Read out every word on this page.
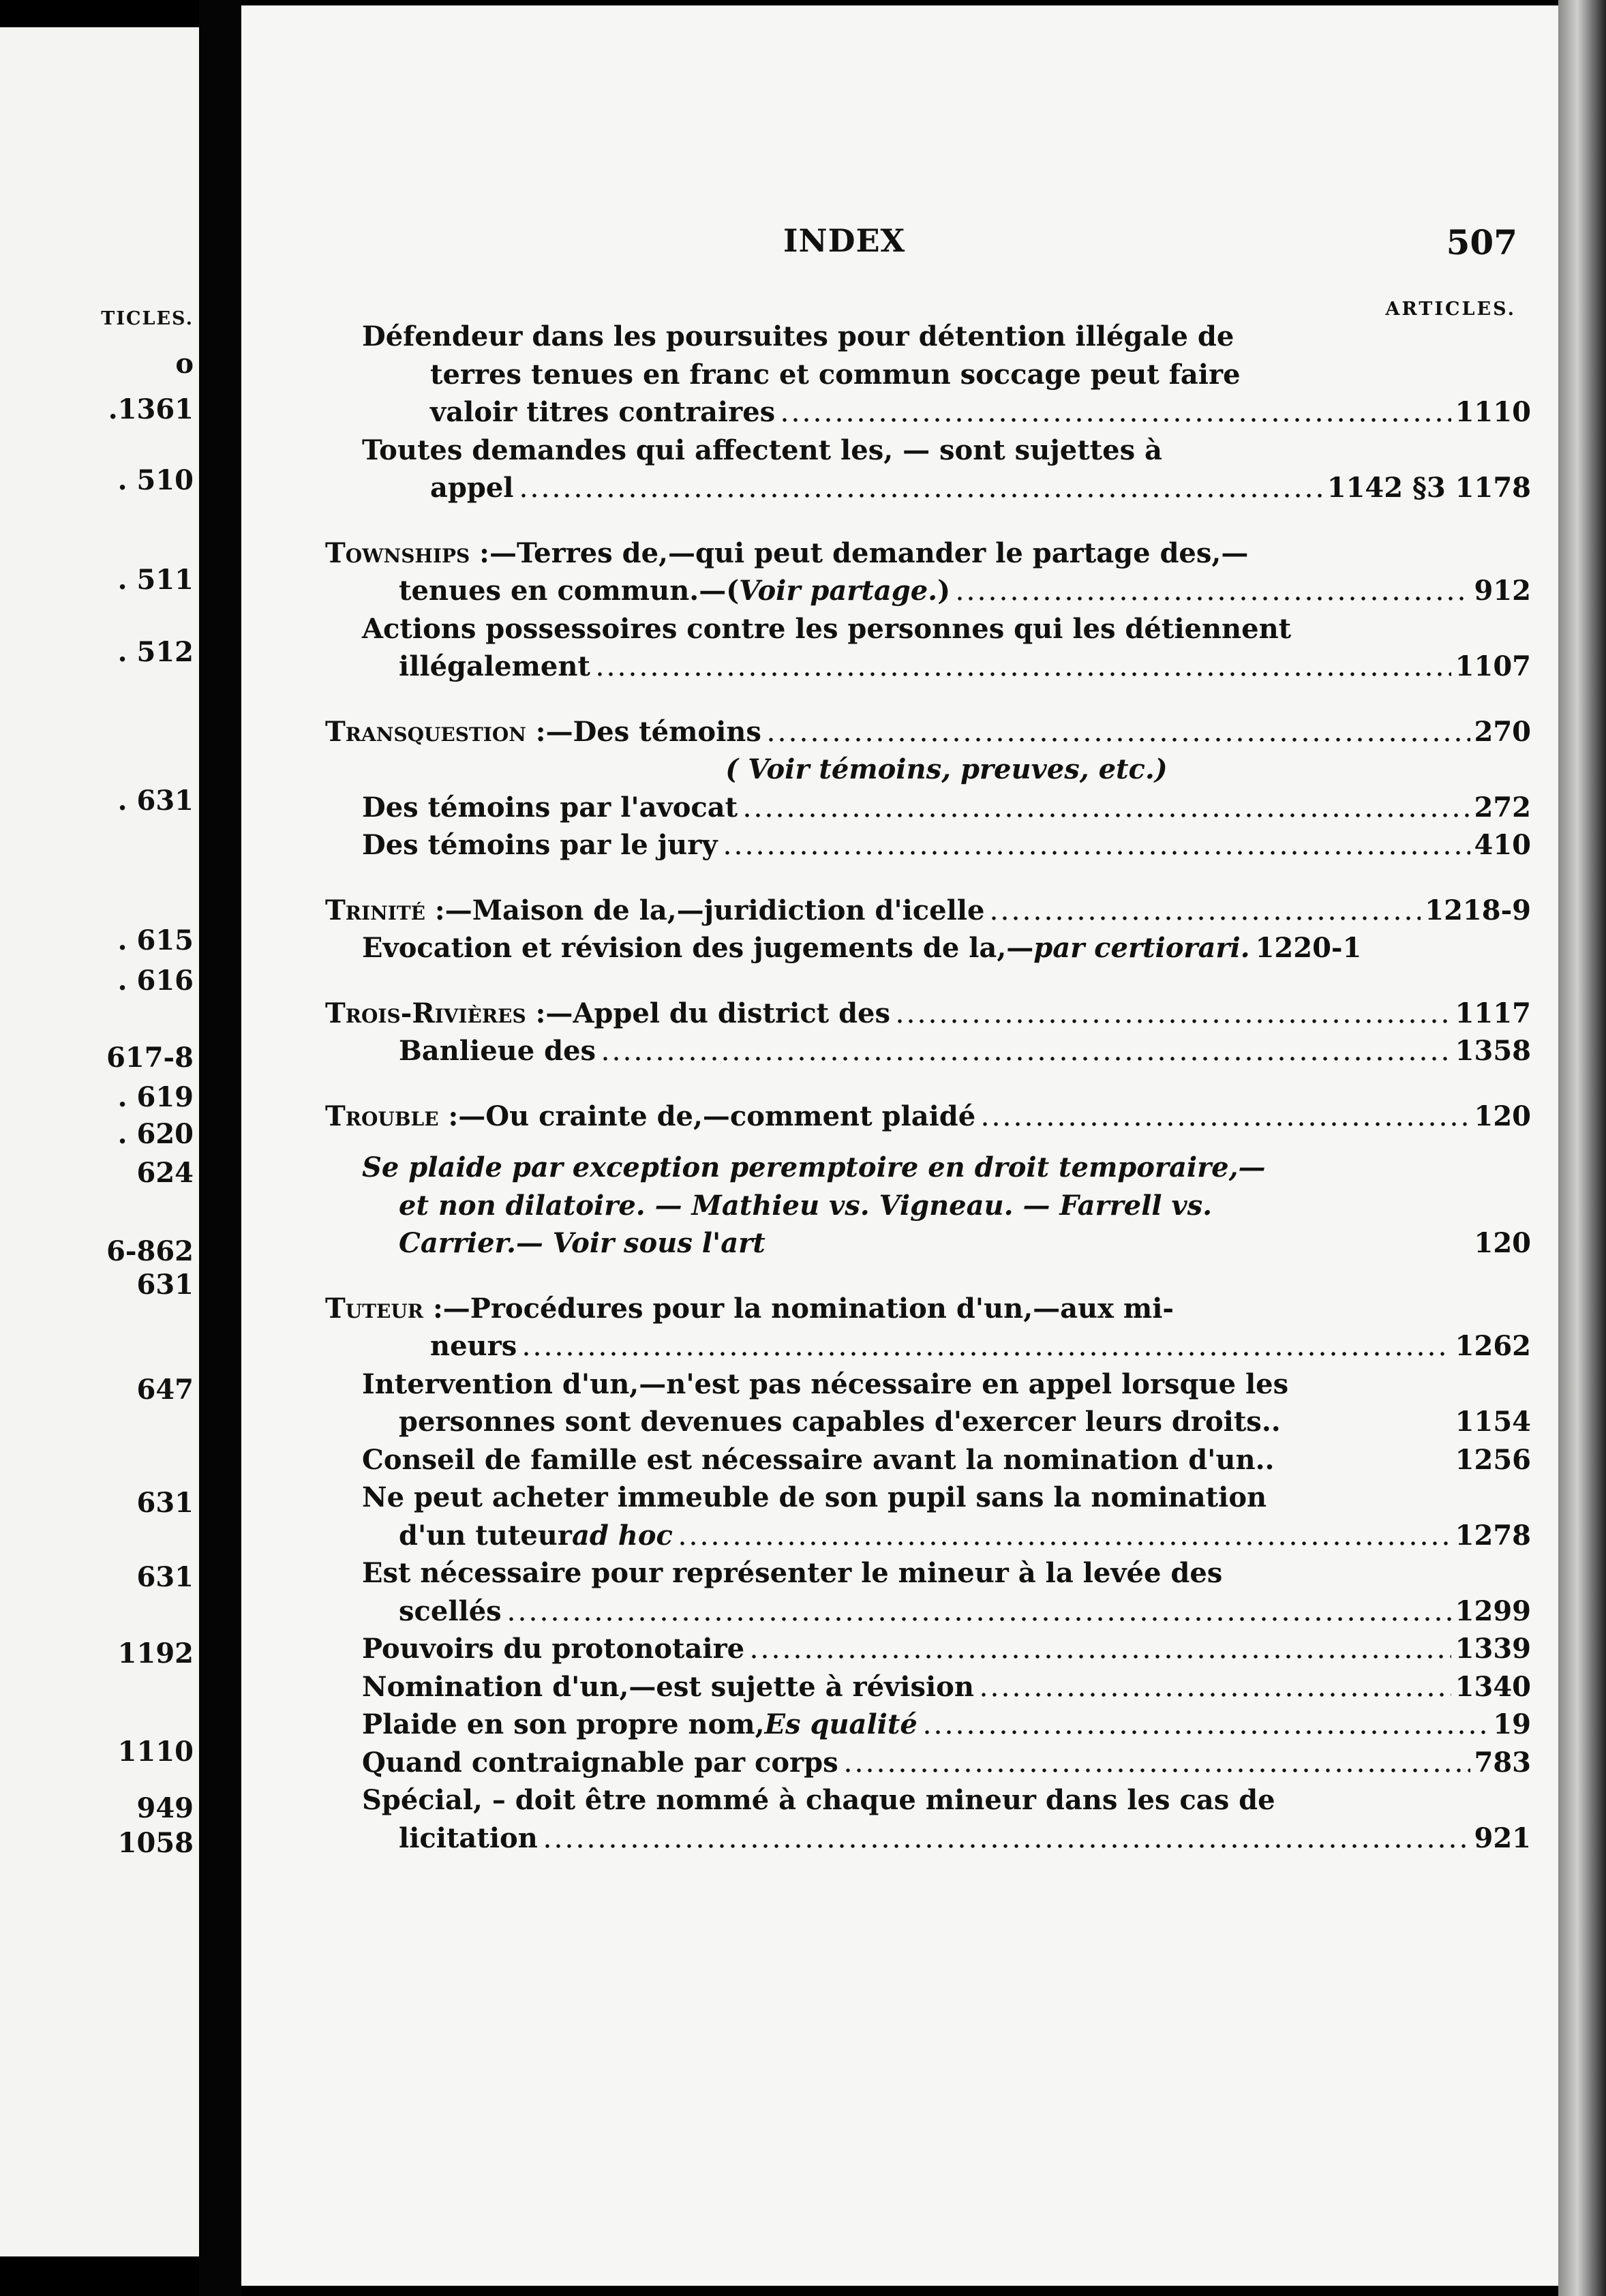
TICLES.
o
.1361
. 510
. 511
. 512
. 631
. 615
. 616
617-8
. 619
. 620
624
6-862
631
647
631
631
1192
1110
949
1058
INDEX	507
ARTICLES.
Défendeur dans les poursuites pour détention illégale de
terres tenues en franc et commun soccage peut faire
valoir titres contraires	1110
Toutes demandes qui affectent les, — sont sujettes à
appel	1142 §3 1178
Townships : —Terres de,—qui peut demander le partage des,—
tenues en commun.—( Voir partage. )	912
Actions possessoires contre les personnes qui les détiennent
illégalement	1107
Transquestion : —Des témoins	270
( Voir témoins, preuves, etc.)
Des témoins par l'avocat	272
Des témoins par le jury	410
Trinité : —Maison de la,—juridiction d'icelle	1218-9
Evocation et révision des jugements de la,— par certiorari. 1220-1
Trois-Rivières : —Appel du district des	1117
Banlieue des	1358
Trouble : —Ou crainte de,—comment plaidé	120
Se plaide par exception peremptoire en droit temporaire,—
et non dilatoire. — Mathieu vs. Vigneau. — Farrell vs.
Carrier.— Voir sous l'art	120
Tuteur : —Procédures pour la nomination d'un,—aux mi-
neurs	1262
Intervention d'un,—n'est pas nécessaire en appel lorsque les
personnes sont devenues capables d'exercer leurs droits..	1154
Conseil de famille est nécessaire avant la nomination d'un..	1256
Ne peut acheter immeuble de son pupil sans la nomination
d'un tuteur ad hoc	1278
Est nécessaire pour représenter le mineur à la levée des
scellés	1299
Pouvoirs du protonotaire	1339
Nomination d'un,—est sujette à révision	1340
Plaide en son propre nom, Es qualité	19
Quand contraignable par corps	783
Spécial, – doit être nommé à chaque mineur dans les cas de
licitation	921
